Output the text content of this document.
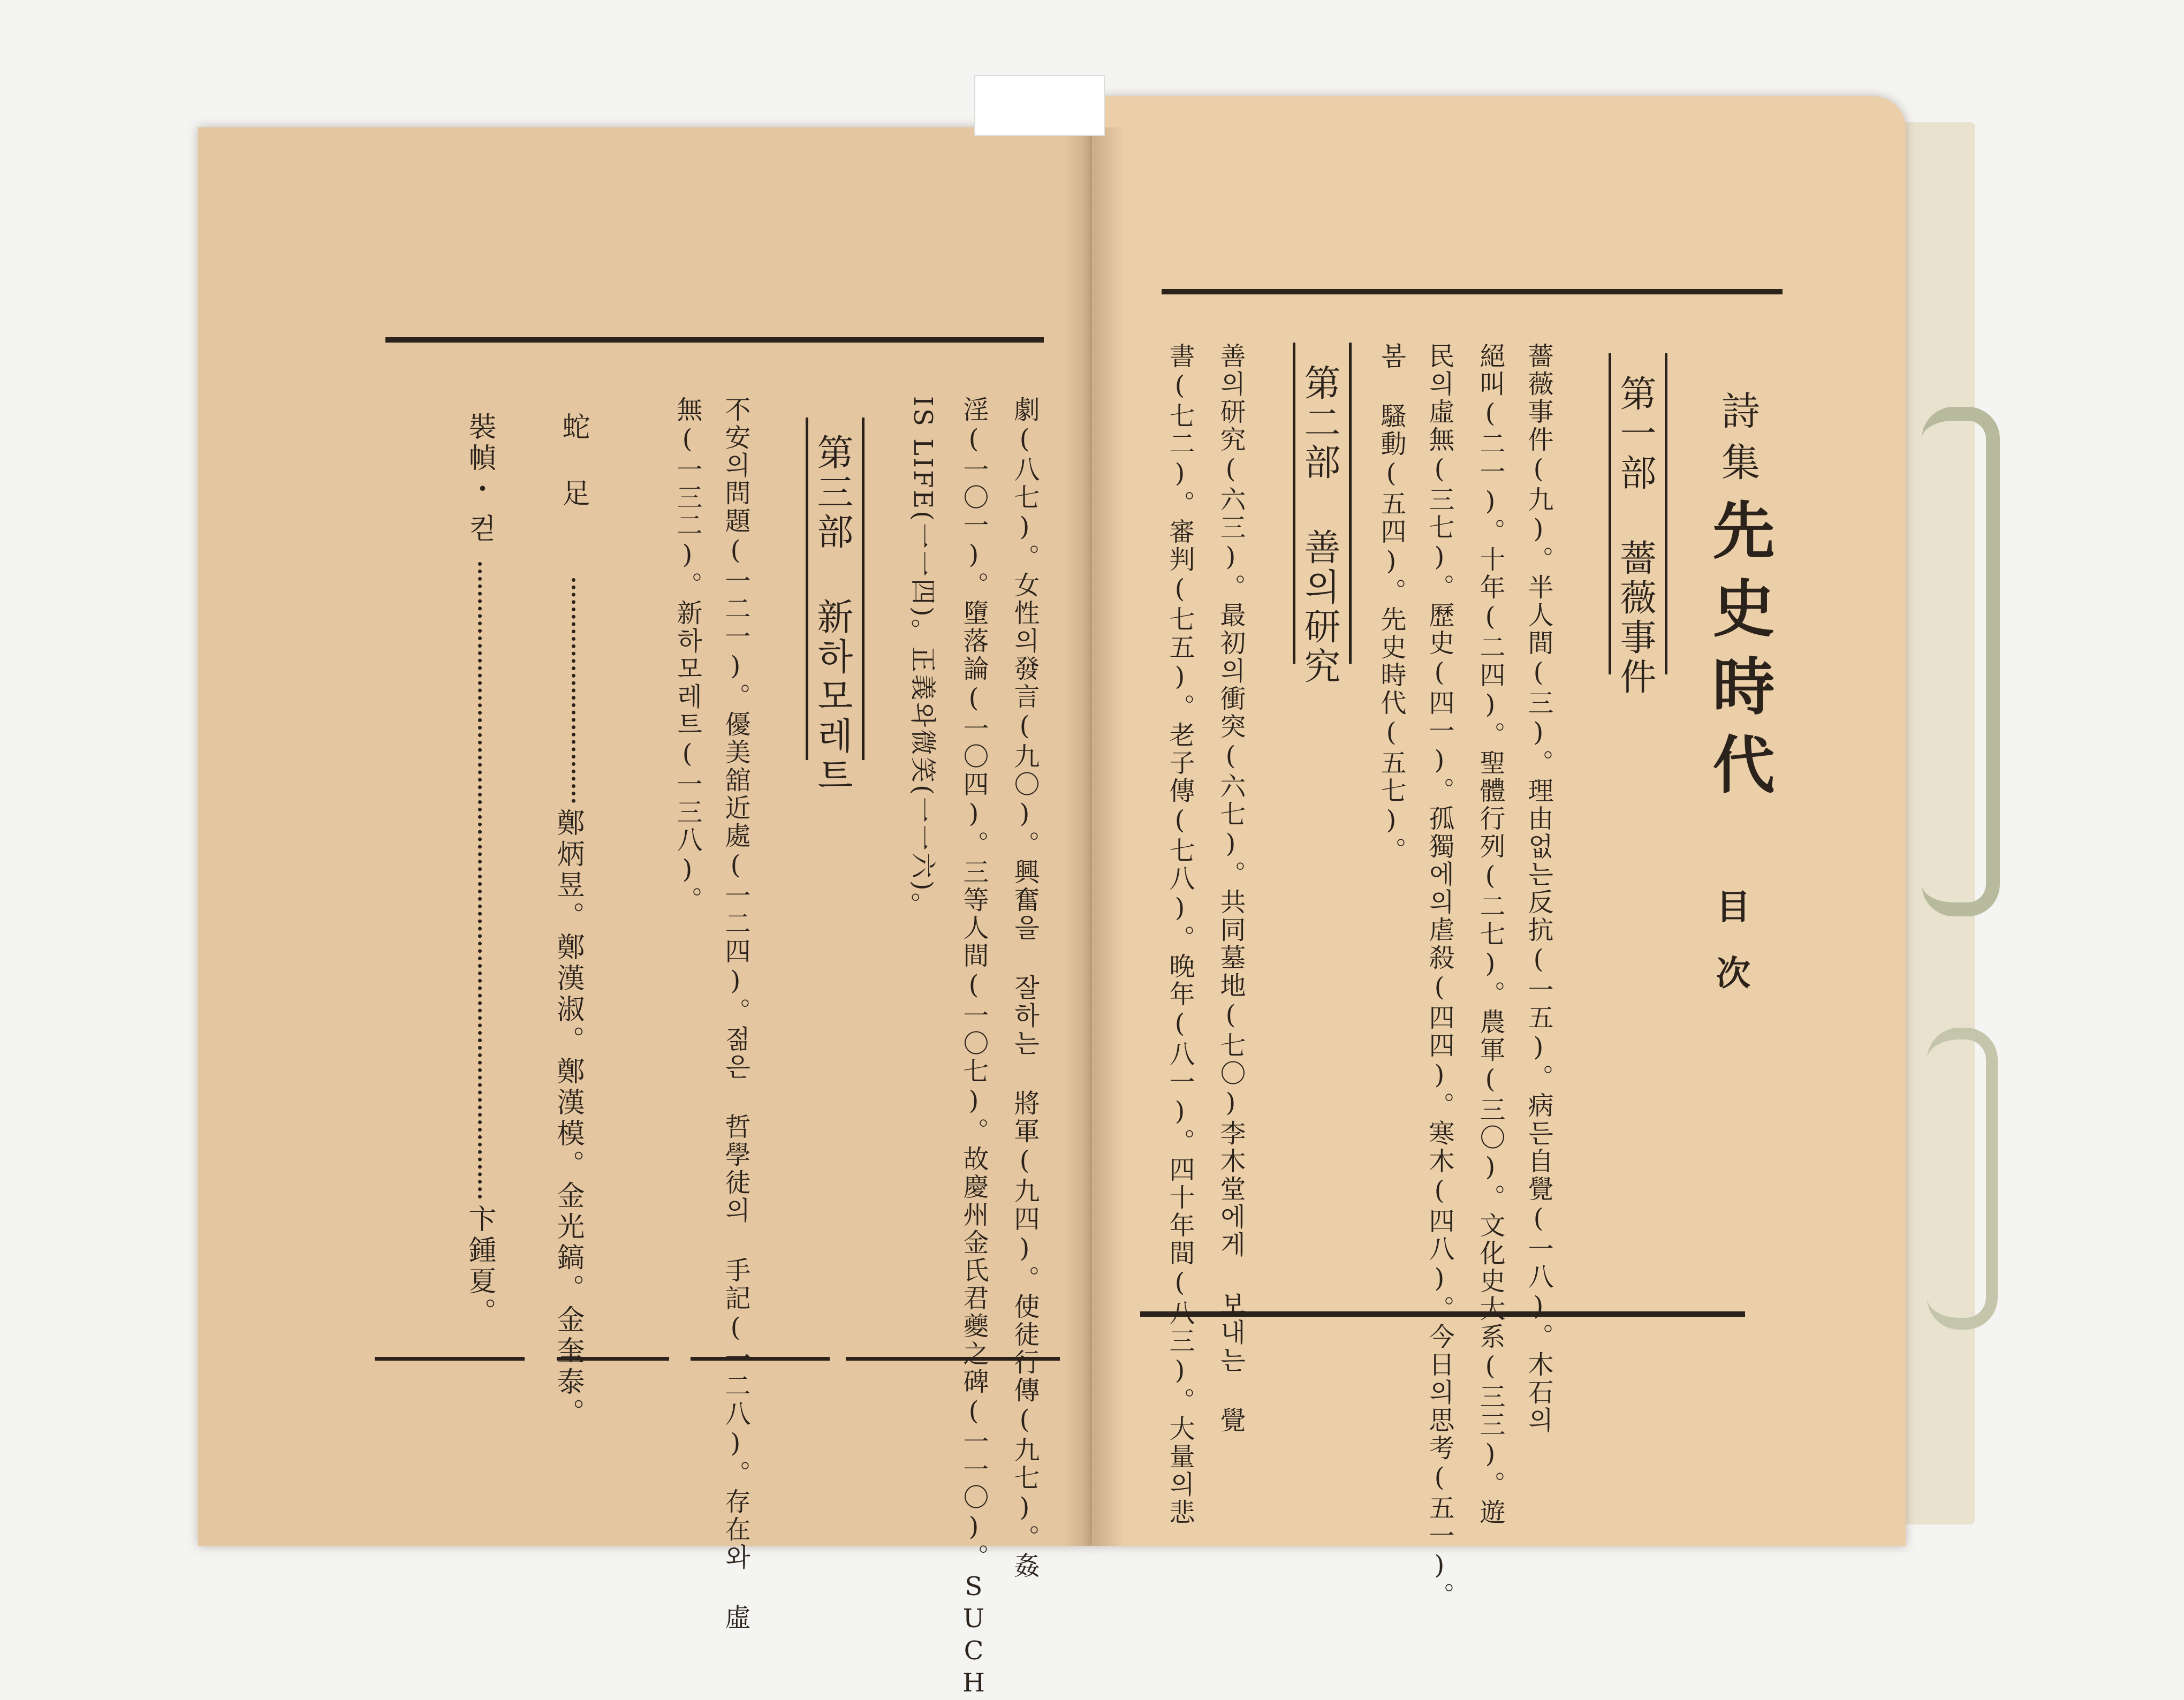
詩集
先史時代
目次
第一部 薔薇事件
薔薇事件(九)。半人間(三)。理由없는反抗(一五)。病든自覺(一八)。木石의
絕叫(二一)。十年(二四)。聖體行列(二七)。農軍(三〇)。文化史大系(三三)。遊
民의虛無(三七)。歷史(四一)。孤獨에의虐殺(四四)。寒木(四八)。今日의思考(五一)。
봄 騷動(五四)。先史時代(五七)。
第二部 善의研究
善의研究(六三)。最初의衝突(六七)。共同墓地(七〇)李木堂에게 보내는 覺
書(七二)。審判(七五)。老子傳(七八)。晚年(八一)。四十年間(八三)。大量의悲
劇(八七)。女性의發言(九〇)。興奮을 잘하는 將軍(九四)。使徒行傳(九七)。姦
淫(一〇一)。墮落論(一〇四)。三等人間(一〇七)。故慶州金氏君夔之碑(一一〇)。SUCH
IS LIFE(一一四)。正義와微笑(一一六)。
第三部 新하모레트
不安의問題(一二一)。優美舘近處(一二四)。젊은 哲學徒의 手記(一二八)。存在와 虛
無(一三二)。新하모레트(一三八)。
蛇 足
鄭炳昱。鄭漢淑。鄭漢模。金光鎬。金奎泰。
裝幀・
컫
卞鍾夏。
